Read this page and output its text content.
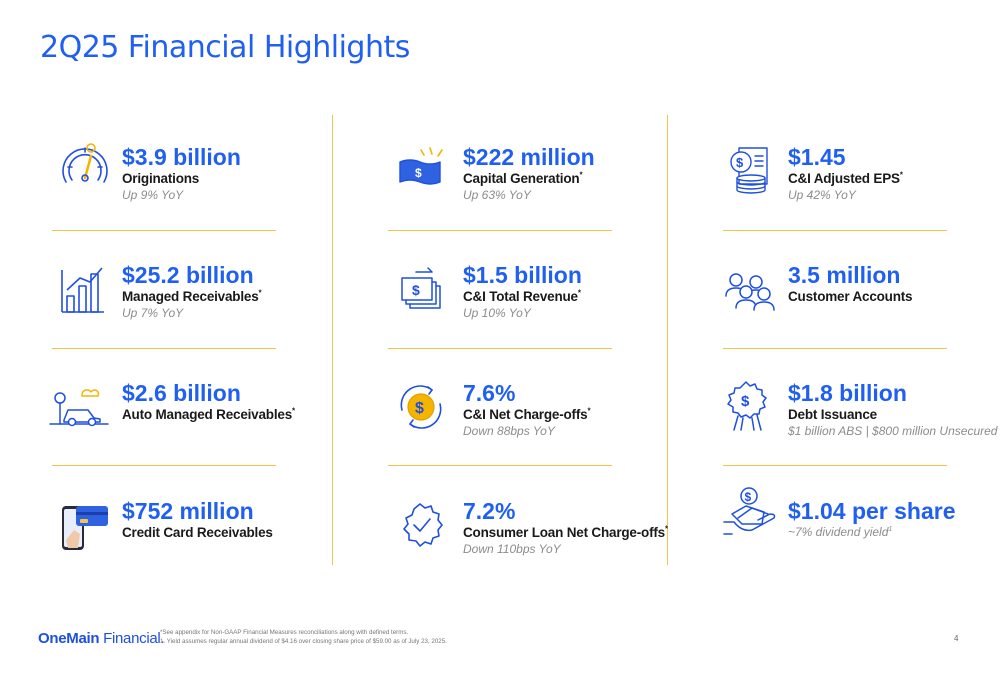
2Q25 Financial Highlights
$3.9 billion
Originations
Up 9% YoY
$25.2 billion
Managed Receivables*
Up 7% YoY
$2.6 billion
Auto Managed Receivables*
$752 million
Credit Card Receivables
$
$222 million
Capital Generation*
Up 63% YoY
$
$1.5 billion
C&I Total Revenue*
Up 10% YoY
$
7.6%
C&I Net Charge-offs*
Down 88bps YoY
7.2%
Consumer Loan Net Charge-offs*
Down 110bps YoY
$ $1.45
C&I Adjusted EPS*
Up 42% YoY
3.5 million
Customer Accounts
$ $1.8 billion
Debt Issuance
$1 billion ABS | $800 million Unsecured
$
$1.04 per share
~7% dividend yield$^1$
OneMain Financial.
*See appendix for Non-GAAP Financial Measures reconciliations along with defined terms.
1. Yield assumes regular annual dividend of $4.16 over closing share price of $59.00 as of July 23, 2025.	4
